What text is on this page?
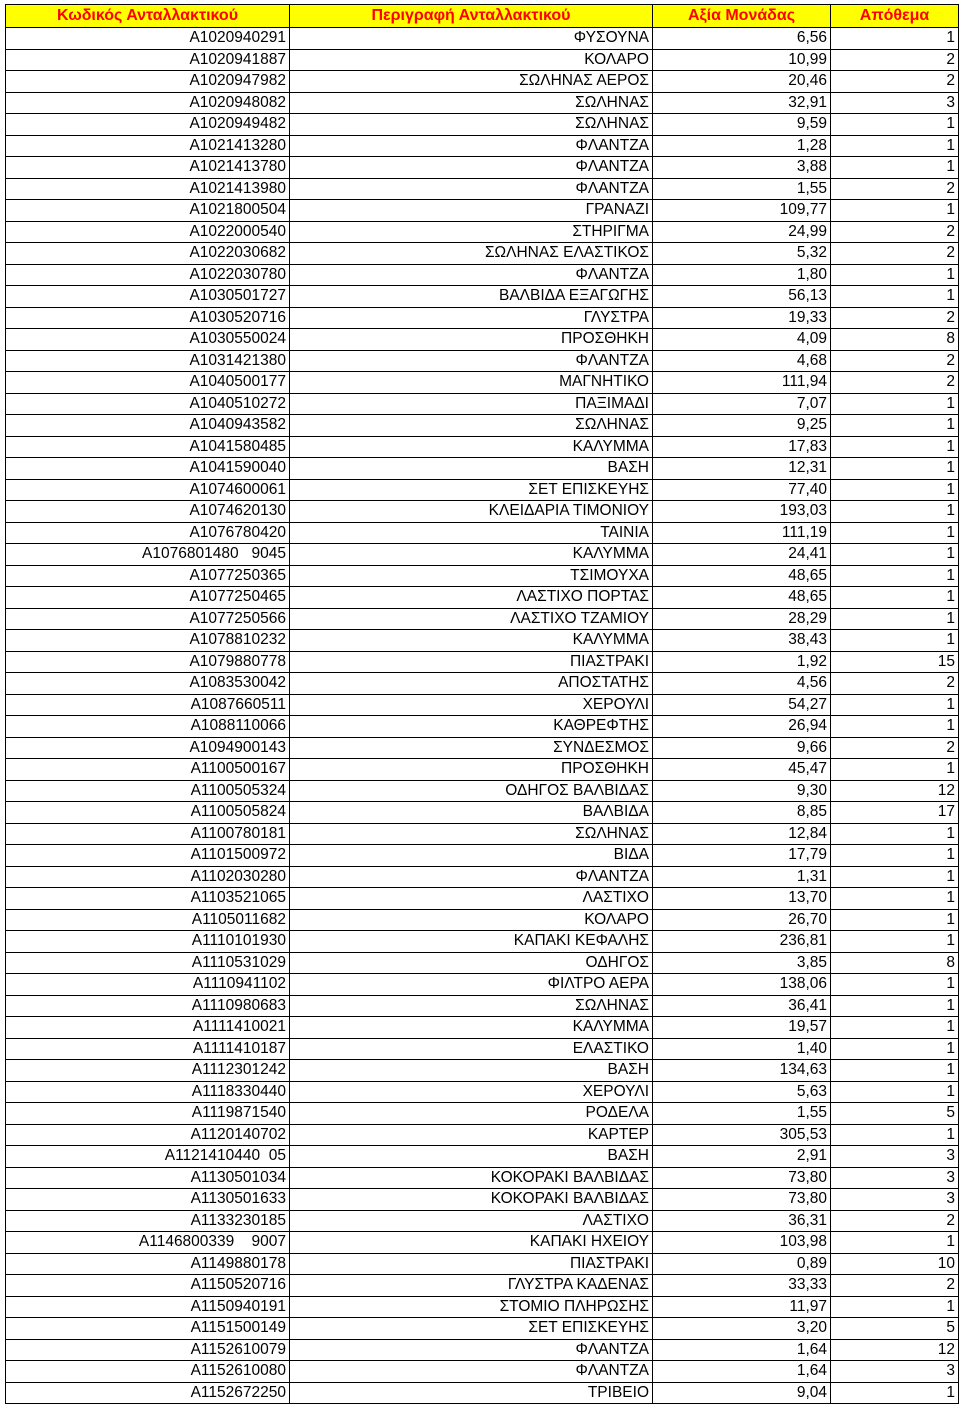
Κωδικός Ανταλλακτικού	Περιγραφή Ανταλλακτικού	Αξία Μονάδας	Απόθεμα
A1020940291	ΦΥΣΟΥΝΑ	6,56	1
A1020941887	ΚΟΛΑΡΟ	10,99	2
A1020947982	ΣΩΛΗΝΑΣ ΑΕΡΟΣ	20,46	2
A1020948082	ΣΩΛΗΝΑΣ	32,91	3
A1020949482	ΣΩΛΗΝΑΣ	9,59	1
A1021413280	ΦΛΑΝΤΖΑ	1,28	1
A1021413780	ΦΛΑΝΤΖΑ	3,88	1
A1021413980	ΦΛΑΝΤΖΑ	1,55	2
A1021800504	ΓΡΑΝΑΖΙ	109,77	1
A1022000540	ΣΤΗΡΙΓΜΑ	24,99	2
A1022030682	ΣΩΛΗΝΑΣ ΕΛΑΣΤΙΚΟΣ	5,32	2
A1022030780	ΦΛΑΝΤΖΑ	1,80	1
A1030501727	ΒΑΛΒΙΔΑ ΕΞΑΓΩΓΗΣ	56,13	1
A1030520716	ΓΛΥΣΤΡΑ	19,33	2
A1030550024	ΠΡΟΣΘΗΚΗ	4,09	8
A1031421380	ΦΛΑΝΤΖΑ	4,68	2
A1040500177	ΜΑΓΝΗΤΙΚΟ	111,94	2
A1040510272	ΠΑΞΙΜΑΔΙ	7,07	1
A1040943582	ΣΩΛΗΝΑΣ	9,25	1
A1041580485	ΚΑΛΥΜΜΑ	17,83	1
A1041590040	ΒΑΣΗ	12,31	1
A1074600061	ΣΕΤ ΕΠΙΣΚΕΥΗΣ	77,40	1
A1074620130	ΚΛΕΙΔΑΡΙΑ ΤΙΜΟΝΙΟΥ	193,03	1
A1076780420	ΤΑΙΝΙΑ	111,19	1
A1076801480   9045	ΚΑΛΥΜΜΑ	24,41	1
A1077250365	ΤΣΙΜΟΥΧΑ	48,65	1
A1077250465	ΛΑΣΤΙΧΟ ΠΟΡΤΑΣ	48,65	1
A1077250566	ΛΑΣΤΙΧΟ ΤΖΑΜΙΟΥ	28,29	1
A1078810232	ΚΑΛΥΜΜΑ	38,43	1
A1079880778	ΠΙΑΣΤΡΑΚΙ	1,92	15
A1083530042	ΑΠΟΣΤΑΤΗΣ	4,56	2
A1087660511	ΧΕΡΟΥΛΙ	54,27	1
A1088110066	ΚΑΘΡΕΦΤΗΣ	26,94	1
A1094900143	ΣΥΝΔΕΣΜΟΣ	9,66	2
A1100500167	ΠΡΟΣΘΗΚΗ	45,47	1
A1100505324	ΟΔΗΓΟΣ ΒΑΛΒΙΔΑΣ	9,30	12
A1100505824	ΒΑΛΒΙΔΑ	8,85	17
A1100780181	ΣΩΛΗΝΑΣ	12,84	1
A1101500972	ΒΙΔΑ	17,79	1
A1102030280	ΦΛΑΝΤΖΑ	1,31	1
A1103521065	ΛΑΣΤΙΧΟ	13,70	1
A1105011682	ΚΟΛΑΡΟ	26,70	1
A1110101930	ΚΑΠΑΚΙ ΚΕΦΑΛΗΣ	236,81	1
A1110531029	ΟΔΗΓΟΣ	3,85	8
A1110941102	ΦΙΛΤΡΟ ΑΕΡΑ	138,06	1
A1110980683	ΣΩΛΗΝΑΣ	36,41	1
A1111410021	ΚΑΛΥΜΜΑ	19,57	1
A1111410187	ΕΛΑΣΤΙΚΟ	1,40	1
A1112301242	ΒΑΣΗ	134,63	1
A1118330440	ΧΕΡΟΥΛΙ	5,63	1
A1119871540	ΡΟΔΕΛΑ	1,55	5
A1120140702	ΚΑΡΤΕΡ	305,53	1
A1121410440  05	ΒΑΣΗ	2,91	3
A1130501034	ΚΟΚΟΡΑΚΙ ΒΑΛΒΙΔΑΣ	73,80	3
A1130501633	ΚΟΚΟΡΑΚΙ ΒΑΛΒΙΔΑΣ	73,80	3
A1133230185	ΛΑΣΤΙΧΟ	36,31	2
A1146800339    9007	ΚΑΠΑΚΙ ΗΧΕΙΟΥ	103,98	1
A1149880178	ΠΙΑΣΤΡΑΚΙ	0,89	10
A1150520716	ΓΛΥΣΤΡΑ ΚΑΔΕΝΑΣ	33,33	2
A1150940191	ΣΤΟΜΙΟ ΠΛΗΡΩΣΗΣ	11,97	1
A1151500149	ΣΕΤ ΕΠΙΣΚΕΥΗΣ	3,20	5
A1152610079	ΦΛΑΝΤΖΑ	1,64	12
A1152610080	ΦΛΑΝΤΖΑ	1,64	3
A1152672250	ΤΡΙΒΕΙΟ	9,04	1
